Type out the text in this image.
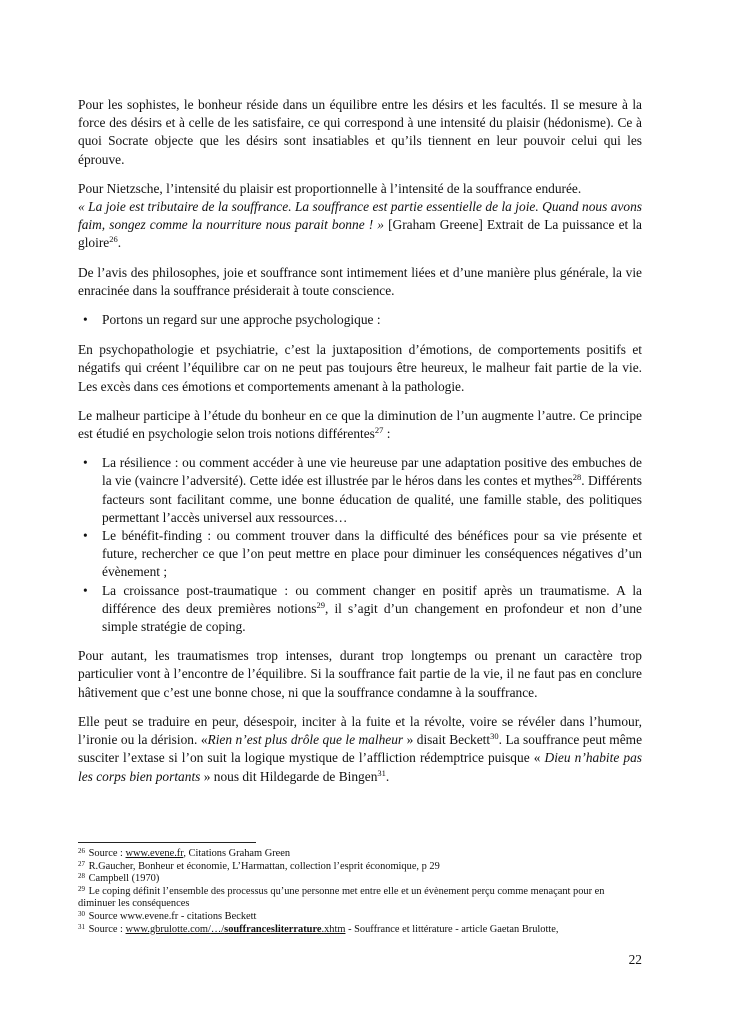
Pour les sophistes, le bonheur réside dans un équilibre entre les désirs et les facultés. Il se mesure à la force des désirs et à celle de les satisfaire, ce qui correspond à une intensité du plaisir (hédonisme). Ce à quoi Socrate objecte que les désirs sont insatiables et qu’ils tiennent en leur pouvoir celui qui les éprouve.

Pour Nietzsche, l’intensité du plaisir est proportionnelle à l’intensité de la souffrance endurée.
« La joie est tributaire de la souffrance. La souffrance est partie essentielle de la joie. Quand nous avons faim, songez comme la nourriture nous parait bonne ! » [Graham Greene] Extrait de La puissance et la gloire$^{26}$.

De l’avis des philosophes, joie et souffrance sont intimement liées et d’une manière plus générale, la vie enracinée dans la souffrance présiderait à toute conscience.

• Portons un regard sur une approche psychologique :

En psychopathologie et psychiatrie, c’est la juxtaposition d’émotions, de comportements positifs et négatifs qui créent l’équilibre car on ne peut pas toujours être heureux, le malheur fait partie de la vie. Les excès dans ces émotions et comportements amenant à la pathologie.

Le malheur participe à l’étude du bonheur en ce que la diminution de l’un augmente l’autre. Ce principe est étudié en psychologie selon trois notions différentes$^{27}$ :

• La résilience : ou comment accéder à une vie heureuse par une adaptation positive des embuches de la vie (vaincre l’adversité). Cette idée est illustrée par le héros dans les contes et mythes$^{28}$. Différents facteurs sont facilitant comme, une bonne éducation de qualité, une famille stable, des politiques permettant l’accès universel aux ressources…
• Le bénéfit-finding : ou comment trouver dans la difficulté des bénéfices pour sa vie présente et future, rechercher ce que l’on peut mettre en place pour diminuer les conséquences négatives d’un évènement ;
• La croissance post-traumatique : ou comment changer en positif après un traumatisme. A la différence des deux premières notions$^{29}$, il s’agit d’un changement en profondeur et non d’une simple stratégie de coping.

Pour autant, les traumatismes trop intenses, durant trop longtemps ou prenant un caractère trop particulier vont à l’encontre de l’équilibre. Si la souffrance fait partie de la vie, il ne faut pas en conclure hâtivement que c’est une bonne chose, ni que la souffrance condamne à la souffrance.

Elle peut se traduire en peur, désespoir, inciter à la fuite et la révolte, voire se révéler dans l’humour, l’ironie ou la dérision. «Rien n’est plus drôle que le malheur » disait Beckett$^{30}$. La souffrance peut même susciter l’extase si l’on suit la logique mystique de l’affliction rédemptrice puisque « Dieu n’habite pas les corps bien portants » nous dit Hildegarde de Bingen$^{31}$.

$^{26}$ Source : www.evene.fr, Citations Graham Green

$^{27}$ R.Gaucher, Bonheur et économie, L’Harmattan, collection l’esprit économique, p 29

$^{28}$ Campbell (1970)

$^{29}$ Le coping définit l’ensemble des processus qu’une personne met entre elle et un évènement perçu comme menaçant pour en diminuer les conséquences

$^{30}$ Source www.evene.fr - citations Beckett

$^{31}$ Source : www.gbrulotte.com/…/souffrancesliterrature.xhtm - Souffrance et littérature - article Gaetan Brulotte,

22
